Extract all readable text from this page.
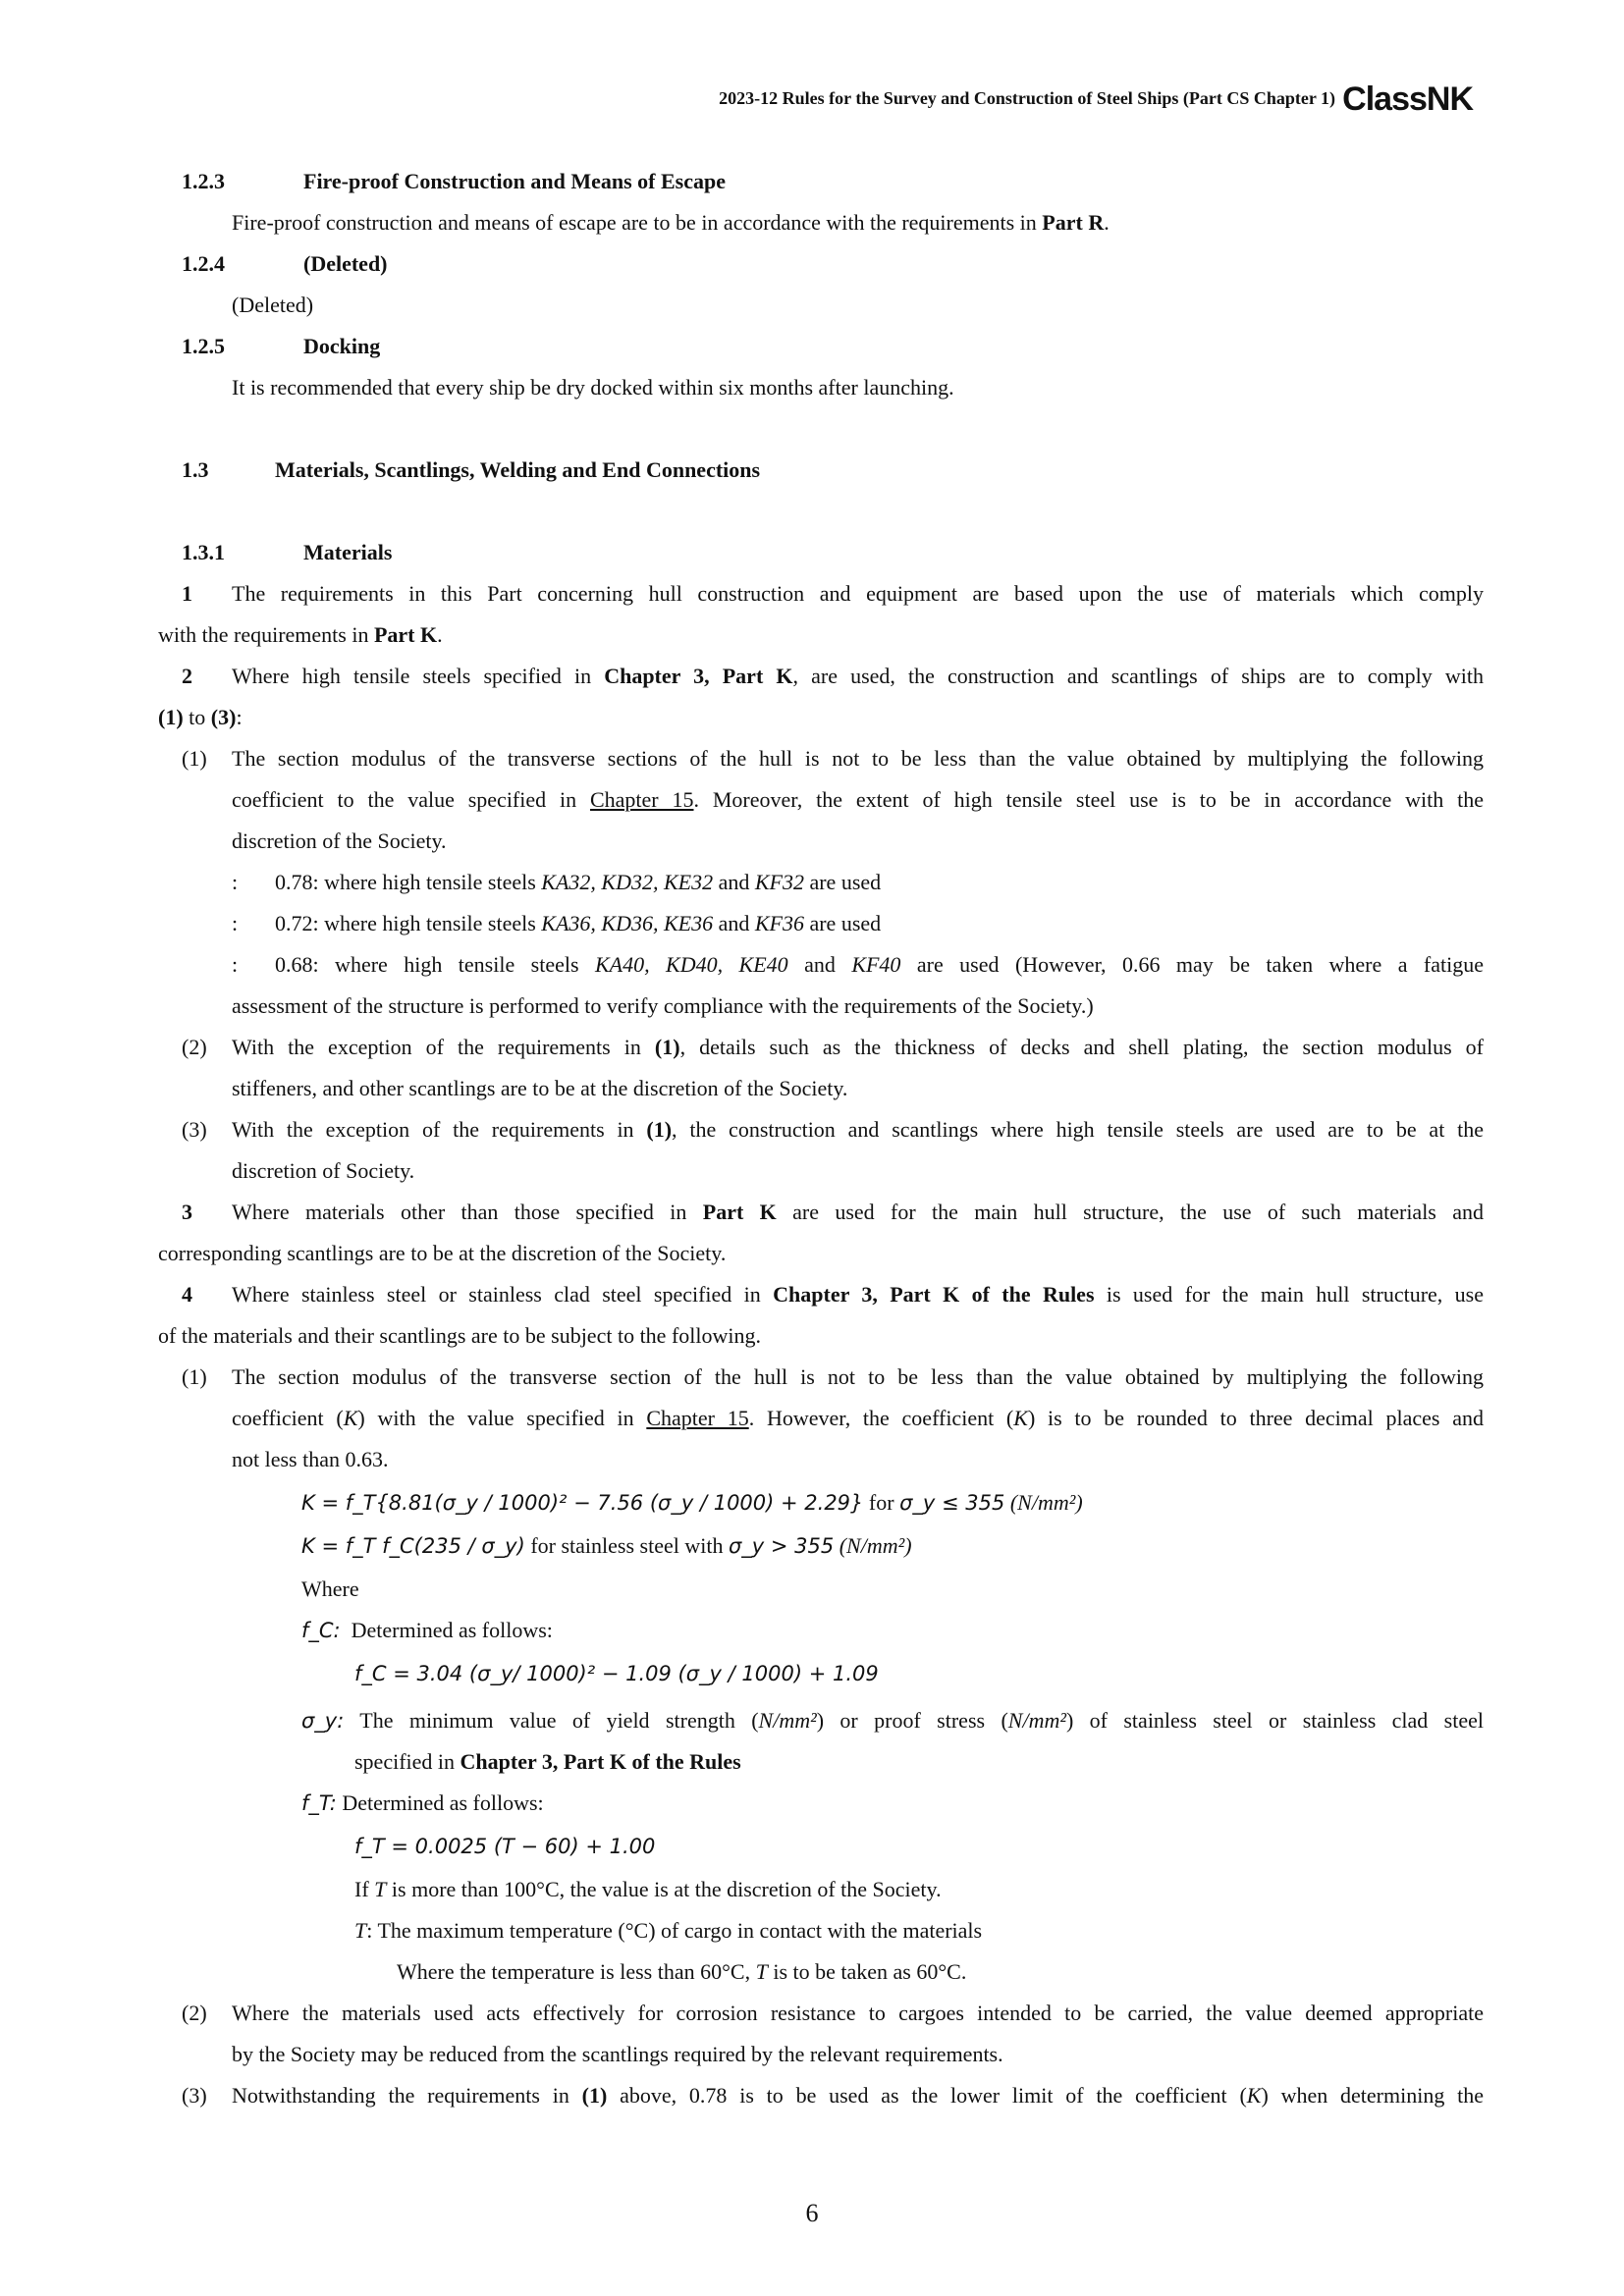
2023-12 Rules for the Survey and Construction of Steel Ships (Part CS Chapter 1) ClassNK
1.2.3	Fire-proof Construction and Means of Escape
Fire-proof construction and means of escape are to be in accordance with the requirements in Part R.
1.2.4	(Deleted)
(Deleted)
1.2.5	Docking
It is recommended that every ship be dry docked within six months after launching.
1.3	Materials, Scantlings, Welding and End Connections
1.3.1	Materials
1 The requirements in this Part concerning hull construction and equipment are based upon the use of materials which comply
with the requirements in Part K.
2 Where high tensile steels specified in Chapter 3, Part K, are used, the construction and scantlings of ships are to comply with
(1) to (3):
(1) The section modulus of the transverse sections of the hull is not to be less than the value obtained by multiplying the following
coefficient to the value specified in Chapter 15. Moreover, the extent of high tensile steel use is to be in accordance with the
discretion of the Society.
: 0.78: where high tensile steels KA32, KD32, KE32 and KF32 are used
: 0.72: where high tensile steels KA36, KD36, KE36 and KF36 are used
: 0.68: where high tensile steels KA40, KD40, KE40 and KF40 are used (However, 0.66 may be taken where a fatigue
assessment of the structure is performed to verify compliance with the requirements of the Society.)
(2) With the exception of the requirements in (1), details such as the thickness of decks and shell plating, the section modulus of
stiffeners, and other scantlings are to be at the discretion of the Society.
(3) With the exception of the requirements in (1), the construction and scantlings where high tensile steels are used are to be at the
discretion of Society.
3 Where materials other than those specified in Part K are used for the main hull structure, the use of such materials and
corresponding scantlings are to be at the discretion of the Society.
4 Where stainless steel or stainless clad steel specified in Chapter 3, Part K of the Rules is used for the main hull structure, use
of the materials and their scantlings are to be subject to the following.
(1) The section modulus of the transverse section of the hull is not to be less than the value obtained by multiplying the following
coefficient (K) with the value specified in Chapter 15. However, the coefficient (K) is to be rounded to three decimal places and
not less than 0.63.
K = f_T{8.81(σ_y / 1000)² − 7.56 (σ_y / 1000) + 2.29} for σ_y ≤ 355 (N/mm²)
K = f_T f_C(235 / σ_y) for stainless steel with σ_y > 355 (N/mm²)
Where
f_C: Determined as follows:
f_C = 3.04 (σ_y/ 1000)² − 1.09 (σ_y / 1000) + 1.09
σ_y: The minimum value of yield strength (N/mm²) or proof stress (N/mm²) of stainless steel or stainless clad steel
specified in Chapter 3, Part K of the Rules
f_T: Determined as follows:
f_T = 0.0025 (T − 60) + 1.00
If T is more than 100°C, the value is at the discretion of the Society.
T: The maximum temperature (°C) of cargo in contact with the materials
Where the temperature is less than 60°C, T is to be taken as 60°C.
(2) Where the materials used acts effectively for corrosion resistance to cargoes intended to be carried, the value deemed appropriate
by the Society may be reduced from the scantlings required by the relevant requirements.
(3) Notwithstanding the requirements in (1) above, 0.78 is to be used as the lower limit of the coefficient (K) when determining the
6
